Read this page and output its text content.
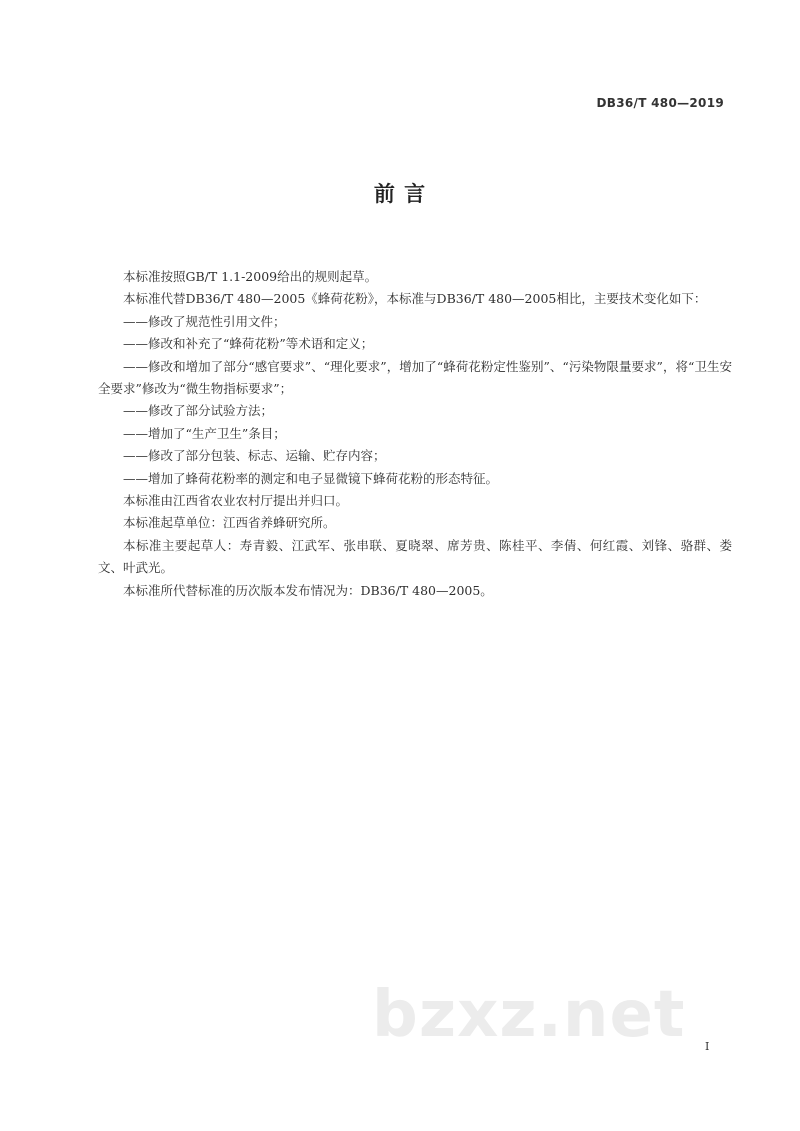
DB36/T 480—2019
前 言

本标准按照GB/T 1.1-2009给出的规则起草。

本标准代替DB36/T 480—2005《蜂荷花粉》，本标准与DB36/T 480—2005相比，主要技术变化如下：

——修改了规范性引用文件；

——修改和补充了“蜂荷花粉”等术语和定义；

——修改和增加了部分“感官要求”、“理化要求”，增加了“蜂荷花粉定性鉴别”、“污染物限量要求”，将“卫生安全要求”修改为“微生物指标要求”；

——修改了部分试验方法；

——增加了“生产卫生”条目；

——修改了部分包装、标志、运输、贮存内容；

——增加了蜂荷花粉率的测定和电子显微镜下蜂荷花粉的形态特征。

本标准由江西省农业农村厅提出并归口。

本标准起草单位：江西省养蜂研究所。

本标准主要起草人：寿青毅、江武军、张串联、夏晓翠、席芳贵、陈桂平、李倩、何红霞、刘锋、骆群、娄文、叶武光。

本标准所代替标准的历次版本发布情况为：DB36/T 480—2005。

bzxz.net I
